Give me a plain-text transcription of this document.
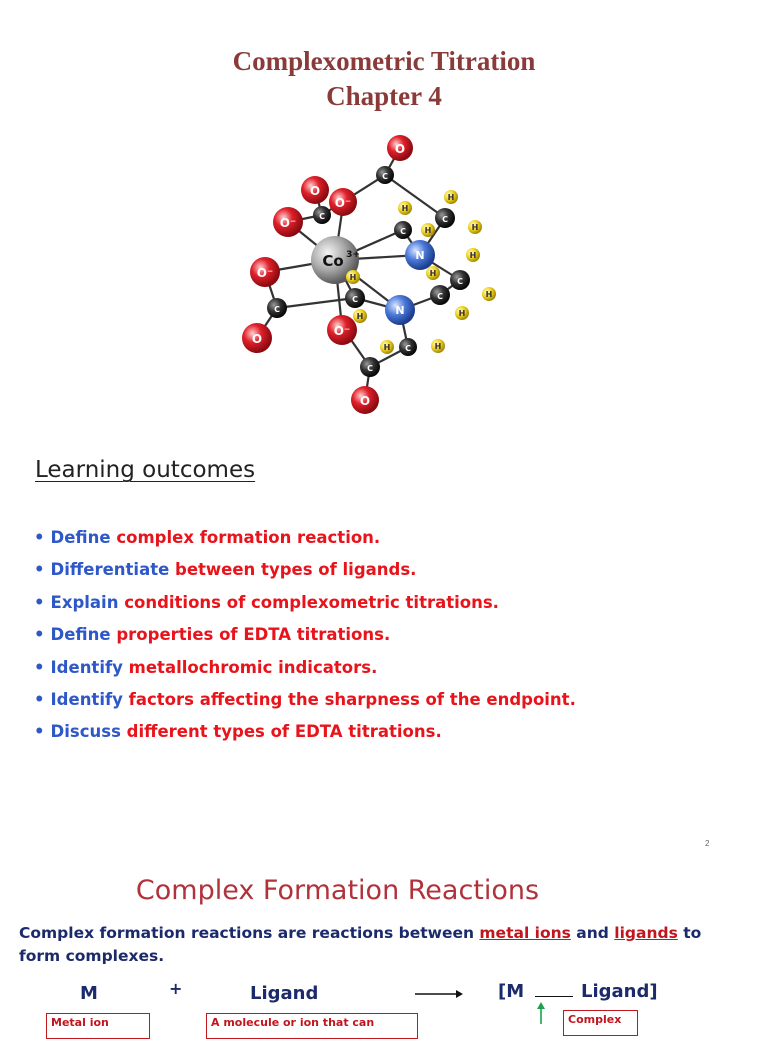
Complexometric Titration
Chapter 4
O
O
O⁻
O⁻	C
C
C
C
H
H
H
H
Co 3+	N
O⁻
H
H
C
C	H
C
H
H	N	H
C
O
O⁻
C
H	H
C
O
Learning outcomes
• Define complex formation reaction.
• Differentiate between types of ligands.
• Explain conditions of complexometric titrations.
• Define properties of EDTA titrations.
• Identify metallochromic indicators.
• Identify factors affecting the sharpness of the endpoint.
• Discuss different types of EDTA titrations.
2
Complex Formation Reactions
Complex formation reactions are reactions between metal ions and ligands to form complexes.
M	+	Ligand	[M	Ligand]
Metal ion	A molecule or ion that can	Complex
